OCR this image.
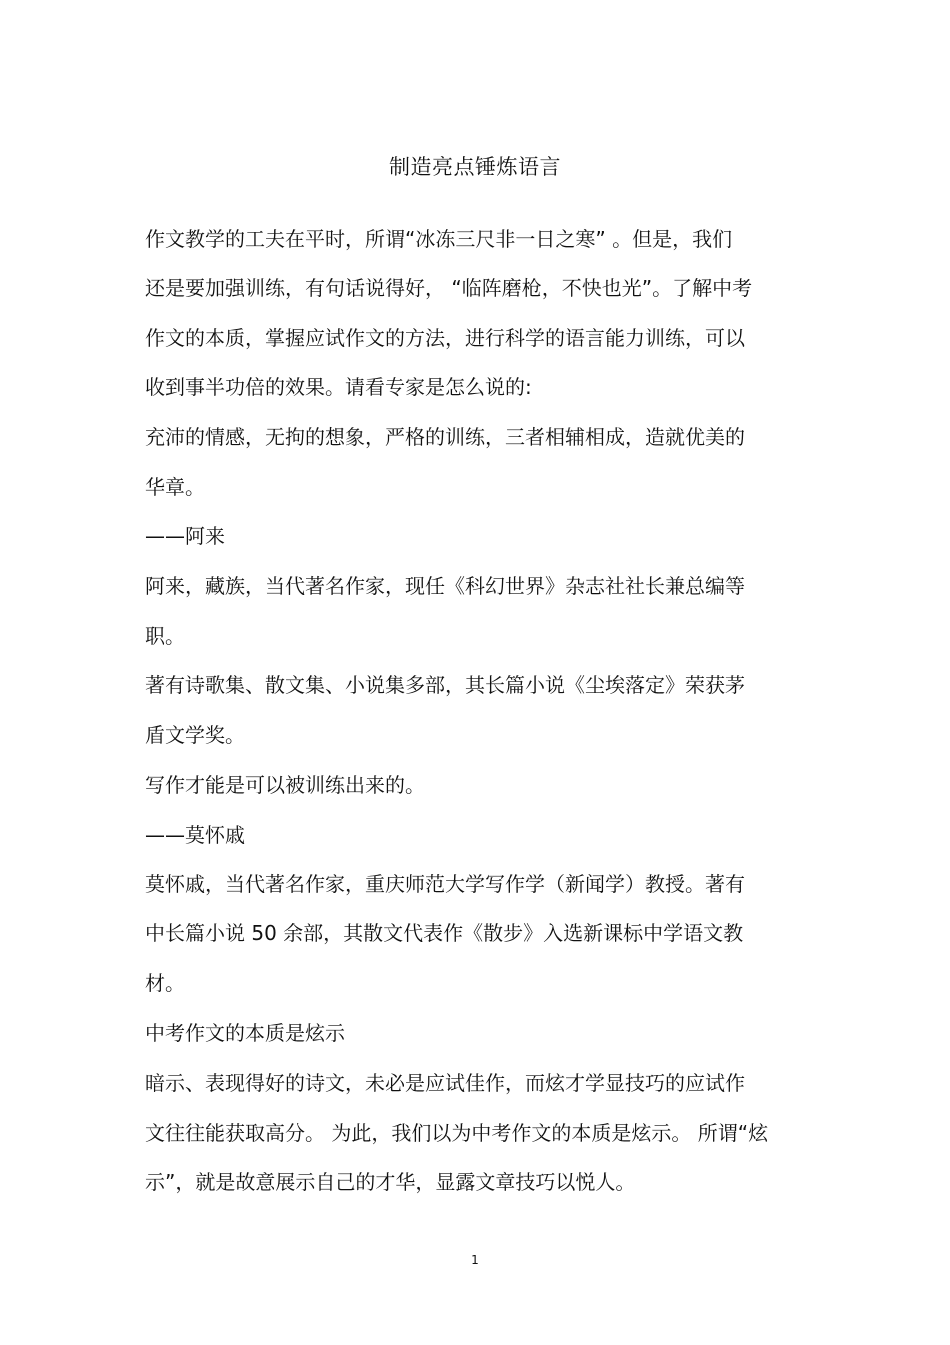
制造亮点锤炼语言
作文教学的工夫在平时，所谓“冰冻三尺非一日之寒” 。但是，我们
还是要加强训练，有句话说得好， “临阵磨枪，不快也光”。了解中考
作文的本质，掌握应试作文的方法，进行科学的语言能力训练，可以
收到事半功倍的效果。请看专家是怎么说的:
充沛的情感，无拘的想象，严格的训练，三者相辅相成，造就优美的
华章。
——阿来
阿来，藏族，当代著名作家，现任《科幻世界》杂志社社长兼总编等
职。
著有诗歌集、散文集、小说集多部，其长篇小说《尘埃落定》荣获茅
盾文学奖。
写作才能是可以被训练出来的。
——莫怀戚
莫怀戚，当代著名作家，重庆师范大学写作学（新闻学）教授。著有
中长篇小说 50 余部，其散文代表作《散步》入选新课标中学语文教
材。
中考作文的本质是炫示
暗示、表现得好的诗文，未必是应试佳作，而炫才学显技巧的应试作
文往往能获取高分。 为此，我们以为中考作文的本质是炫示。 所谓“炫
示”，就是故意展示自己的才华，显露文章技巧以悦人。
1
